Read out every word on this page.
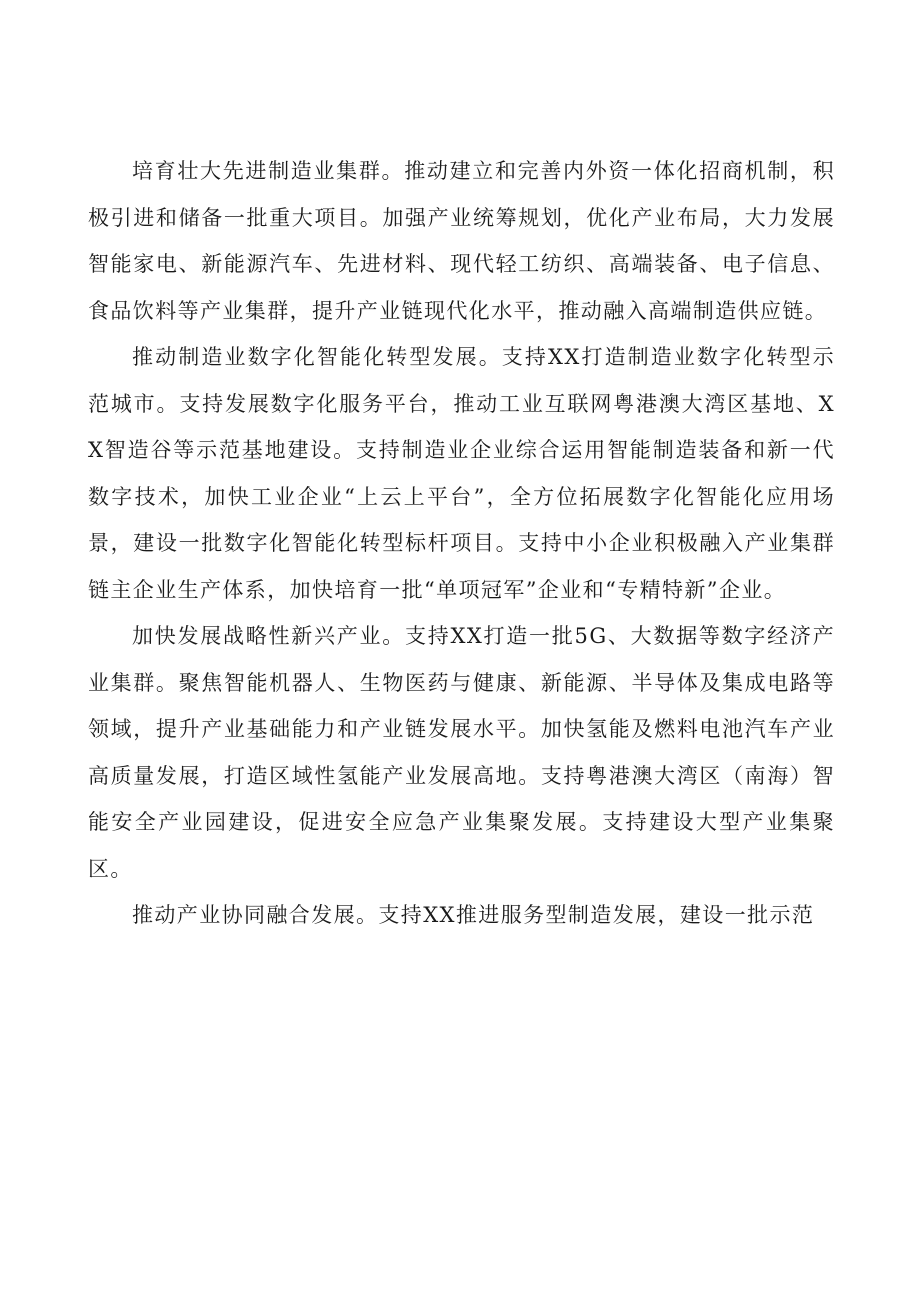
培育壮大先进制造业集群。推动建立和完善内外资一体化招商机制，积极引进和储备一批重大项目。加强产业统筹规划，优化产业布局，大力发展智能家电、新能源汽车、先进材料、现代轻工纺织、高端装备、电子信息、食品饮料等产业集群，提升产业链现代化水平，推动融入高端制造供应链。

推动制造业数字化智能化转型发展。支持XX打造制造业数字化转型示范城市。支持发展数字化服务平台，推动工业互联网粤港澳大湾区基地、XX智造谷等示范基地建设。支持制造业企业综合运用智能制造装备和新一代数字技术，加快工业企业“上云上平台”，全方位拓展数字化智能化应用场景，建设一批数字化智能化转型标杆项目。支持中小企业积极融入产业集群链主企业生产体系，加快培育一批“单项冠军”企业和“专精特新”企业。

加快发展战略性新兴产业。支持XX打造一批5G、大数据等数字经济产业集群。聚焦智能机器人、生物医药与健康、新能源、半导体及集成电路等领域，提升产业基础能力和产业链发展水平。加快氢能及燃料电池汽车产业高质量发展，打造区域性氢能产业发展高地。支持粤港澳大湾区（南海）智能安全产业园建设，促进安全应急产业集聚发展。支持建设大型产业集聚区。

推动产业协同融合发展。支持XX推进服务型制造发展，建设一批示范
